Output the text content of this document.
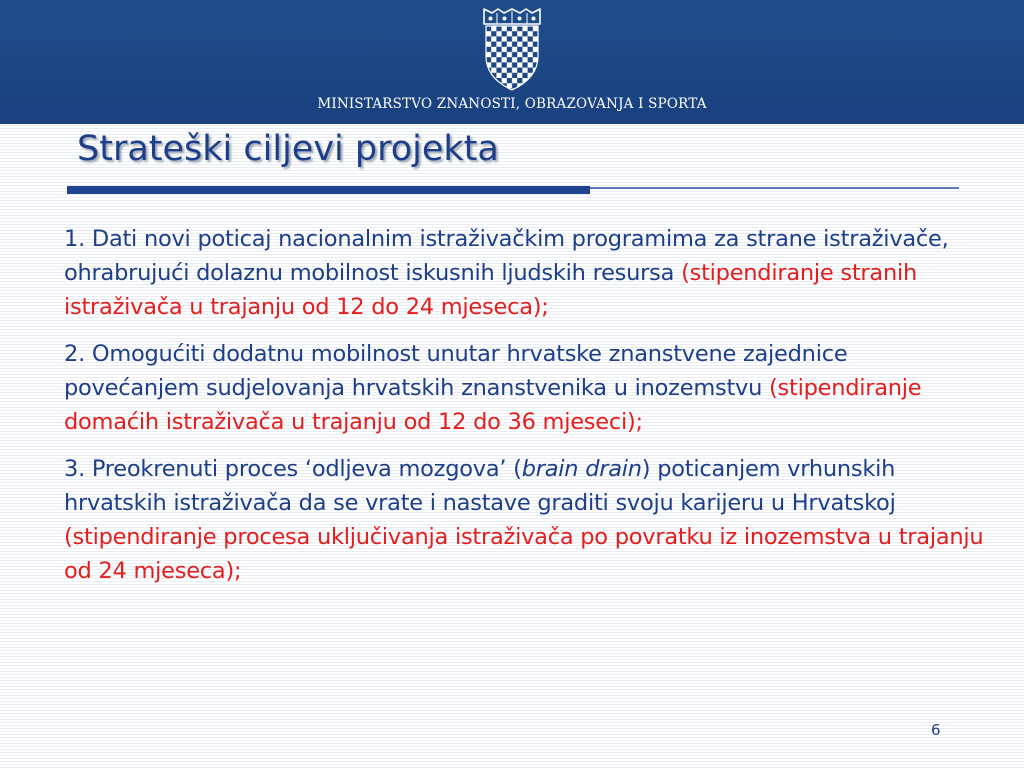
MINISTARSTVO ZNANOSTI, OBRAZOVANJA I SPORTA
Strateški ciljevi projekta

1. Dati novi poticaj nacionalnim istraživačkim programima za strane istraživače, ohrabrujući dolaznu mobilnost iskusnih ljudskih resursa (stipendiranje stranih istraživača u trajanju od 12 do 24 mjeseca);

2. Omogućiti dodatnu mobilnost unutar hrvatske znanstvene zajednice povećanjem sudjelovanja hrvatskih znanstvenika u inozemstvu (stipendiranje domaćih istraživača u trajanju od 12 do 36 mjeseci);

3. Preokrenuti proces ‘odljeva mozgova’ (brain drain) poticanjem vrhunskih hrvatskih istraživača da se vrate i nastave graditi svoju karijeru u Hrvatskoj (stipendiranje procesa uključivanja istraživača po povratku iz inozemstva u trajanju od 24 mjeseca);

6
